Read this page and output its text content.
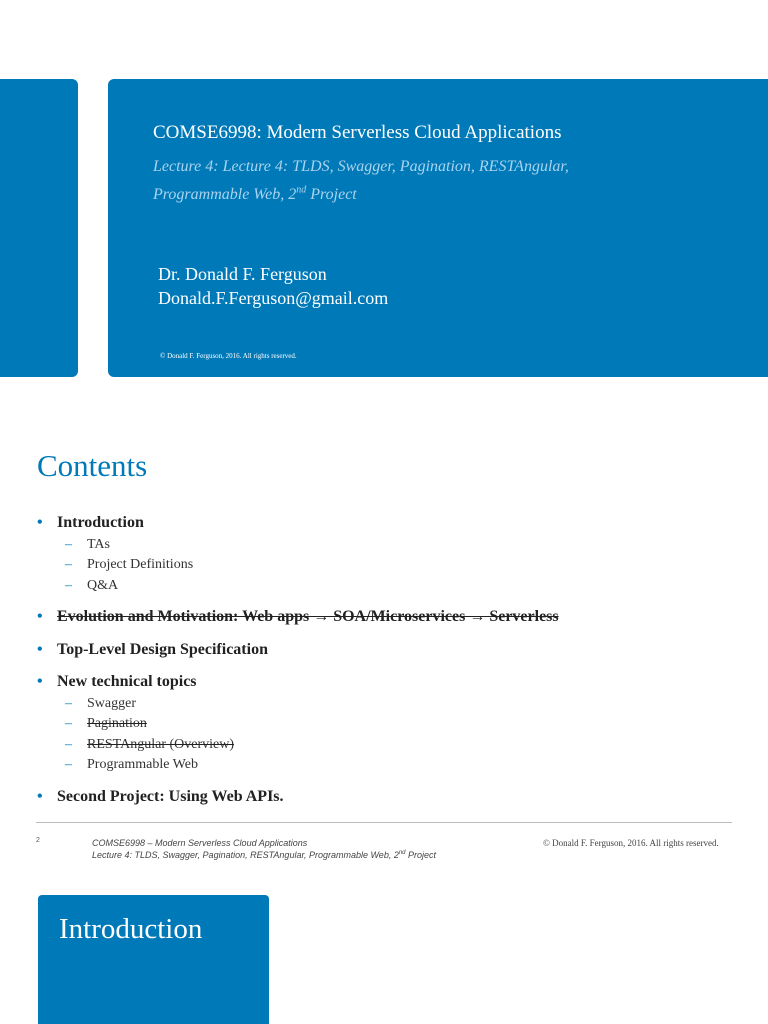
COMSE6998: Modern Serverless Cloud Applications
Lecture 4: Lecture 4: TLDS, Swagger, Pagination, RESTAngular,
Programmable Web, 2nd Project
Dr. Donald F. Ferguson
Donald.F.Ferguson@gmail.com
© Donald F. Ferguson, 2016. All rights reserved.
Contents
• Introduction
– TAs
– Project Definitions
– Q&A
• Evolution and Motivation: Web apps → SOA/Microservices → Serverless
• Top-Level Design Specification
• New technical topics
– Swagger
– Pagination
– RESTAngular (Overview)
– Programmable Web
• Second Project: Using Web APIs.
2	COMSE6998 – Modern Serverless Cloud Applications
Lecture 4: TLDS, Swagger, Pagination, RESTAngular, Programmable Web, 2nd Project
© Donald F. Ferguson, 2016. All rights reserved.
Introduction
